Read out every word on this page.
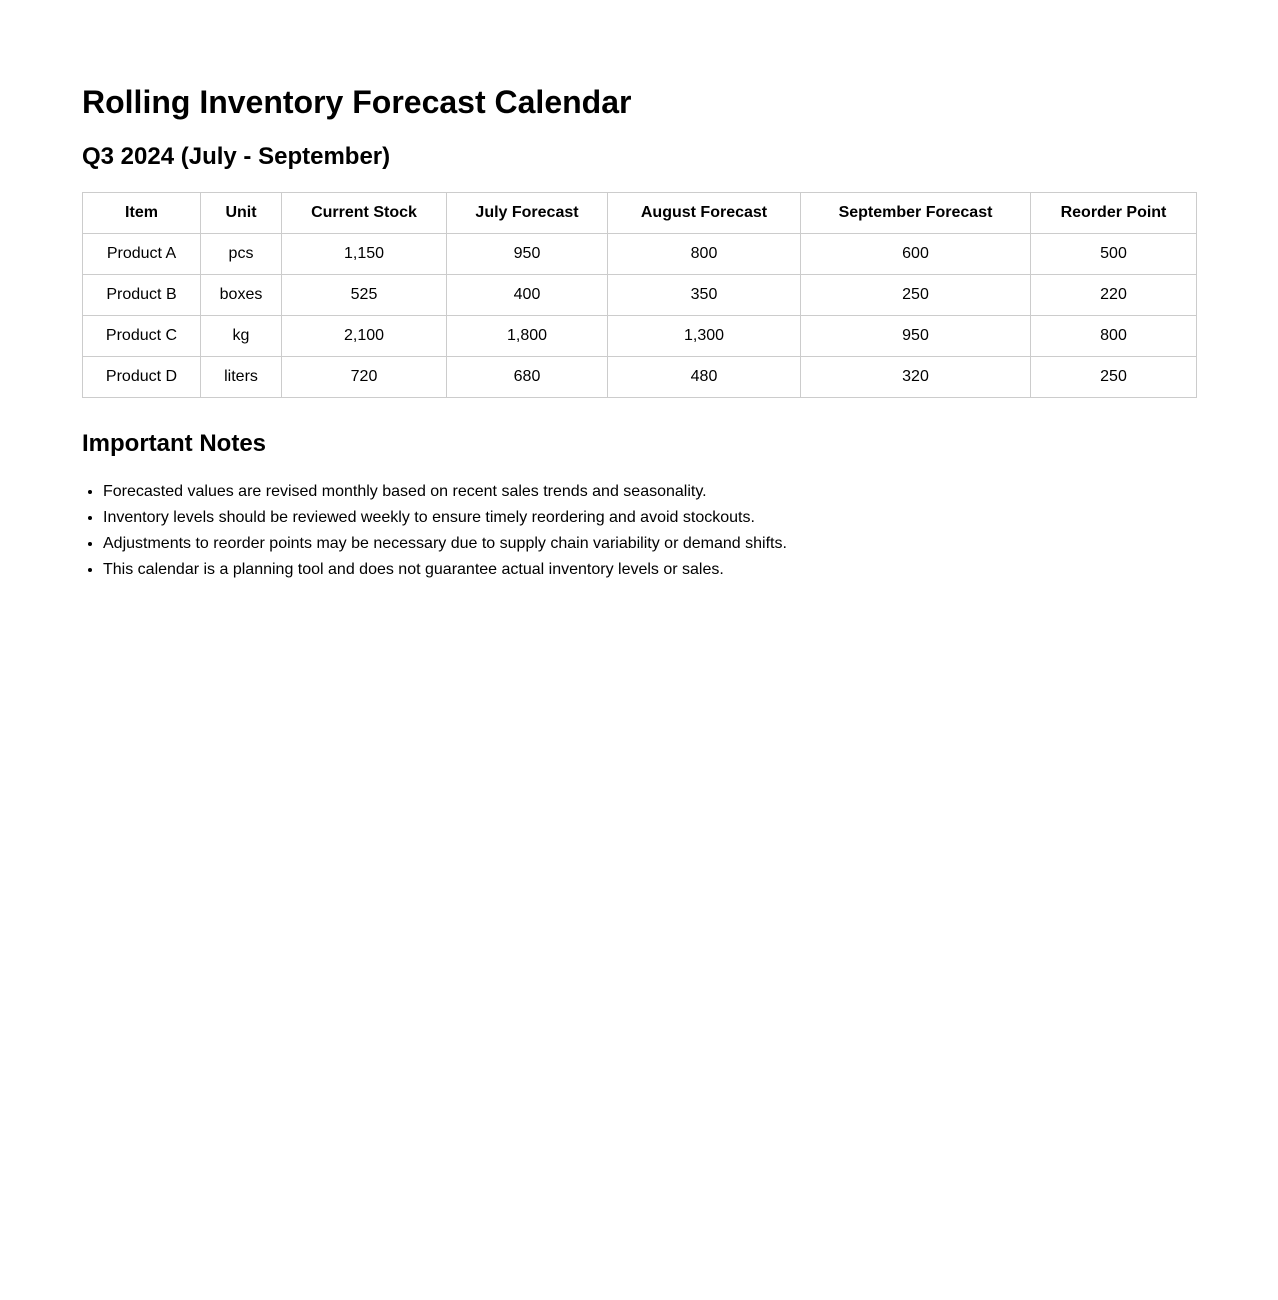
Rolling Inventory Forecast Calendar
Q3 2024 (July - September)
Item	Unit	Current Stock	July Forecast	August Forecast	September Forecast	Reorder Point
Product A	pcs	1,150	950	800	600	500
Product B	boxes	525	400	350	250	220
Product C	kg	2,100	1,800	1,300	950	800
Product D	liters	720	680	480	320	250
Important Notes
• Forecasted values are revised monthly based on recent sales trends and seasonality.
• Inventory levels should be reviewed weekly to ensure timely reordering and avoid stockouts.
• Adjustments to reorder points may be necessary due to supply chain variability or demand shifts.
• This calendar is a planning tool and does not guarantee actual inventory levels or sales.
